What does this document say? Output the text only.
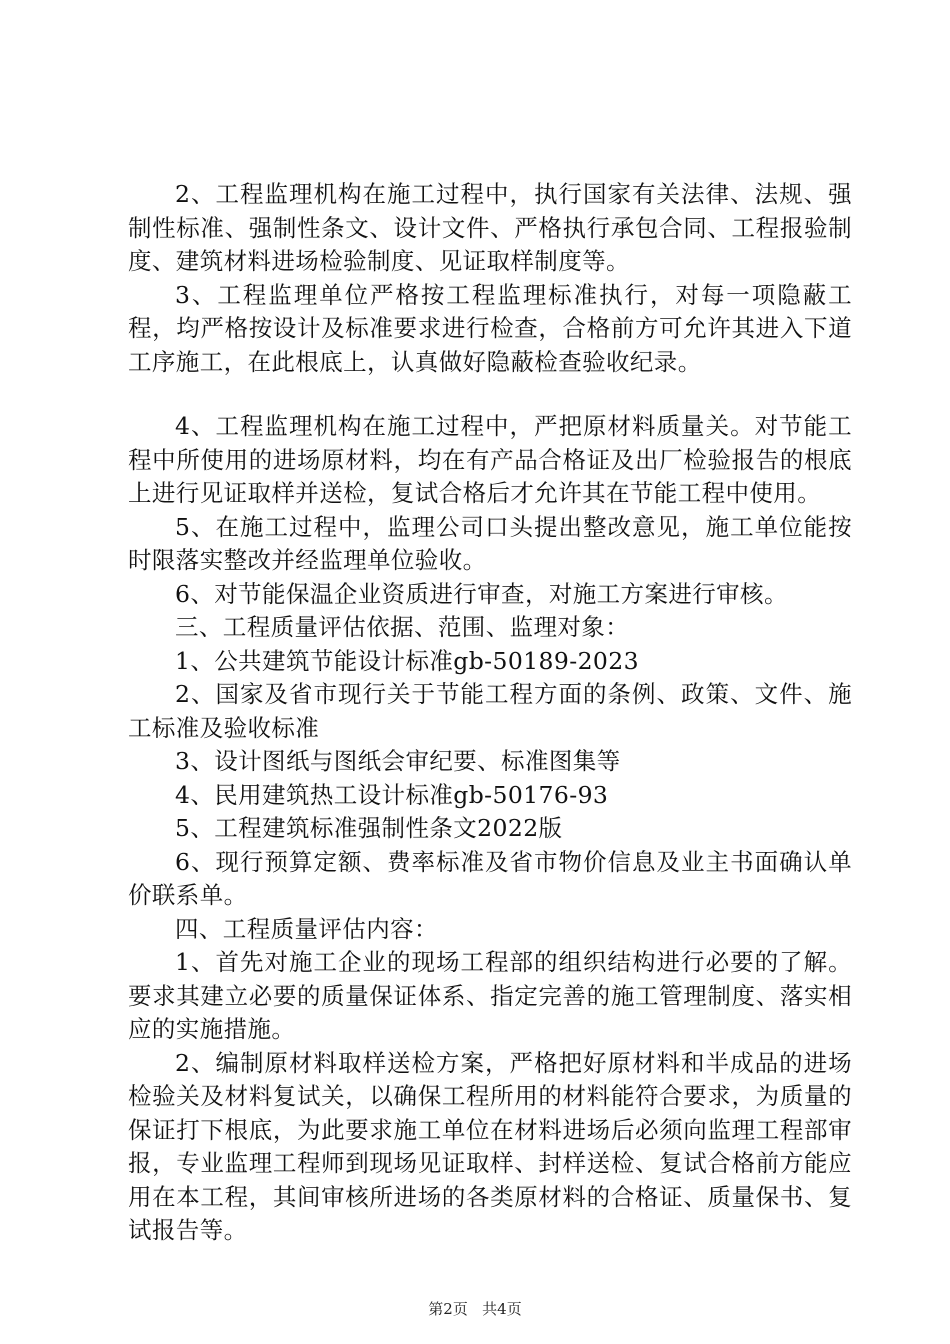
2、工程监理机构在施工过程中，执行国家有关法律、法规、强制性标准、强制性条文、设计文件、严格执行承包合同、工程报验制度、建筑材料进场检验制度、见证取样制度等。

3、工程监理单位严格按工程监理标准执行，对每一项隐蔽工程，均严格按设计及标准要求进行检查，合格前方可允许其进入下道工序施工，在此根底上，认真做好隐蔽检查验收纪录。

4、工程监理机构在施工过程中，严把原材料质量关。对节能工程中所使用的进场原材料，均在有产品合格证及出厂检验报告的根底上进行见证取样并送检，复试合格后才允许其在节能工程中使用。

5、在施工过程中，监理公司口头提出整改意见，施工单位能按时限落实整改并经监理单位验收。

6、对节能保温企业资质进行审查，对施工方案进行审核。

三、工程质量评估依据、范围、监理对象：

1、公共建筑节能设计标准gb-50189-2023

2、国家及省市现行关于节能工程方面的条例、政策、文件、施工标准及验收标准

3、设计图纸与图纸会审纪要、标准图集等

4、民用建筑热工设计标准gb-50176-93

5、工程建筑标准强制性条文2022版

6、现行预算定额、费率标准及省市物价信息及业主书面确认单价联系单。

四、工程质量评估内容：

1、首先对施工企业的现场工程部的组织结构进行必要的了解。要求其建立必要的质量保证体系、指定完善的施工管理制度、落实相应的实施措施。

2、编制原材料取样送检方案，严格把好原材料和半成品的进场检验关及材料复试关，以确保工程所用的材料能符合要求，为质量的保证打下根底，为此要求施工单位在材料进场后必须向监理工程部审报，专业监理工程师到现场见证取样、封样送检、复试合格前方能应用在本工程，其间审核所进场的各类原材料的合格证、质量保书、复试报告等。

第2页 共4页
